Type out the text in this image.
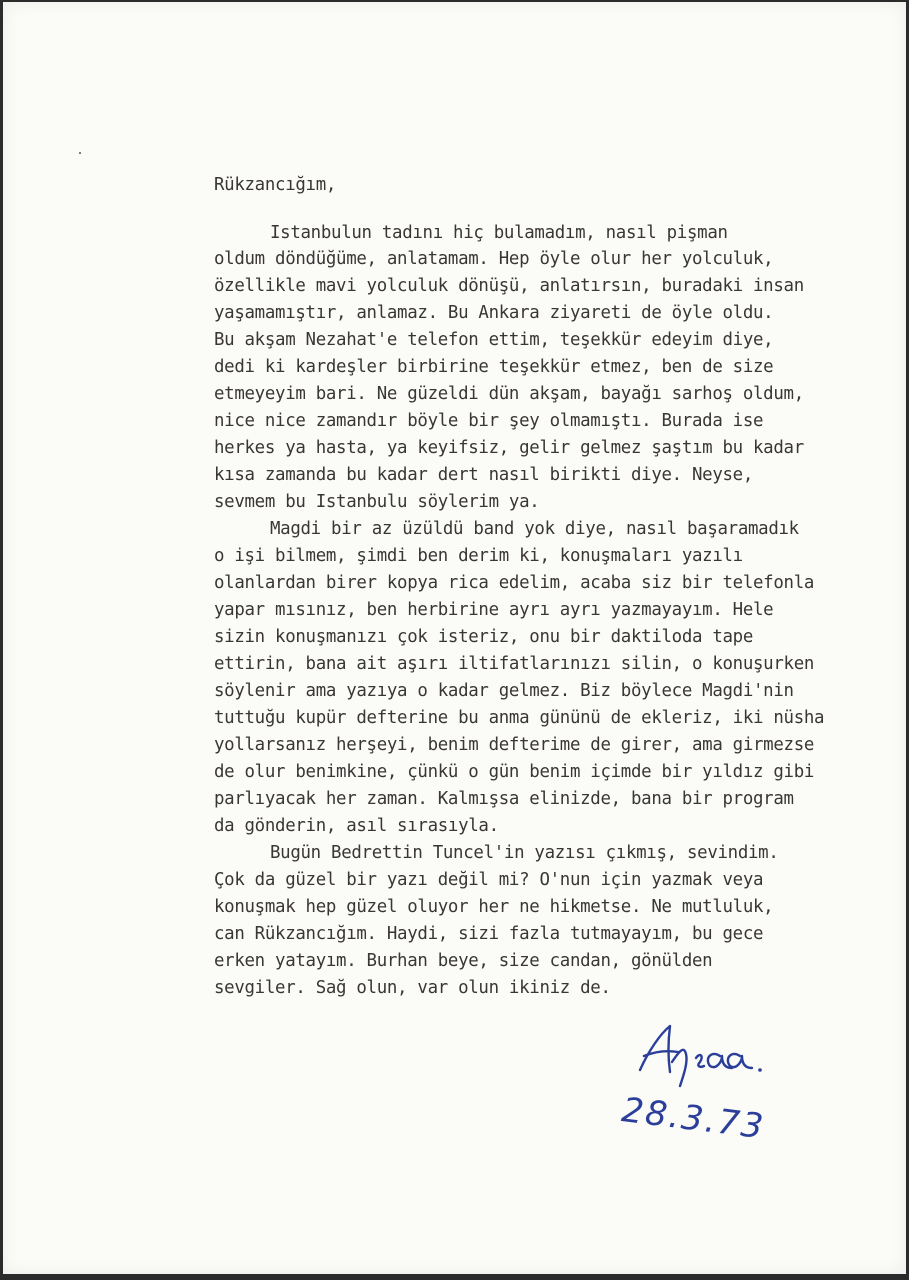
Rükzancığım,
Istanbulun tadını hiç bulamadım, nasıl pişman
oldum döndüğüme, anlatamam. Hep öyle olur her yolculuk,
özellikle mavi yolculuk dönüşü, anlatırsın, buradaki insan
yaşamamıştır, anlamaz. Bu Ankara ziyareti de öyle oldu.
Bu akşam Nezahat'e telefon ettim, teşekkür edeyim diye,
dedi ki kardeşler birbirine teşekkür etmez, ben de size
etmeyeyim bari. Ne güzeldi dün akşam, bayağı sarhoş oldum,
nice nice zamandır böyle bir şey olmamıştı. Burada ise
herkes ya hasta, ya keyifsiz, gelir gelmez şaştım bu kadar
kısa zamanda bu kadar dert nasıl birikti diye. Neyse,
sevmem bu Istanbulu söylerim ya.
Magdi bir az üzüldü band yok diye, nasıl başaramadık
o işi bilmem, şimdi ben derim ki, konuşmaları yazılı
olanlardan birer kopya rica edelim, acaba siz bir telefonla
yapar mısınız, ben herbirine ayrı ayrı yazmayayım. Hele
sizin konuşmanızı çok isteriz, onu bir daktiloda tape
ettirin, bana ait aşırı iltifatlarınızı silin, o konuşurken
söylenir ama yazıya o kadar gelmez. Biz böylece Magdi'nin
tuttuğu kupür defterine bu anma gününü de ekleriz, iki nüsha
yollarsanız herşeyi, benim defterime de girer, ama girmezse
de olur benimkine, çünkü o gün benim içimde bir yıldız gibi
parlıyacak her zaman. Kalmışsa elinizde, bana bir program
da gönderin, asıl sırasıyla.
Bugün Bedrettin Tuncel'in yazısı çıkmış, sevindim.
Çok da güzel bir yazı değil mi? O'nun için yazmak veya
konuşmak hep güzel oluyor her ne hikmetse. Ne mutluluk,
can Rükzancığım. Haydi, sizi fazla tutmayayım, bu gece
erken yatayım. Burhan beye, size candan, gönülden
sevgiler. Sağ olun, var olun ikiniz de.
28.3.73
